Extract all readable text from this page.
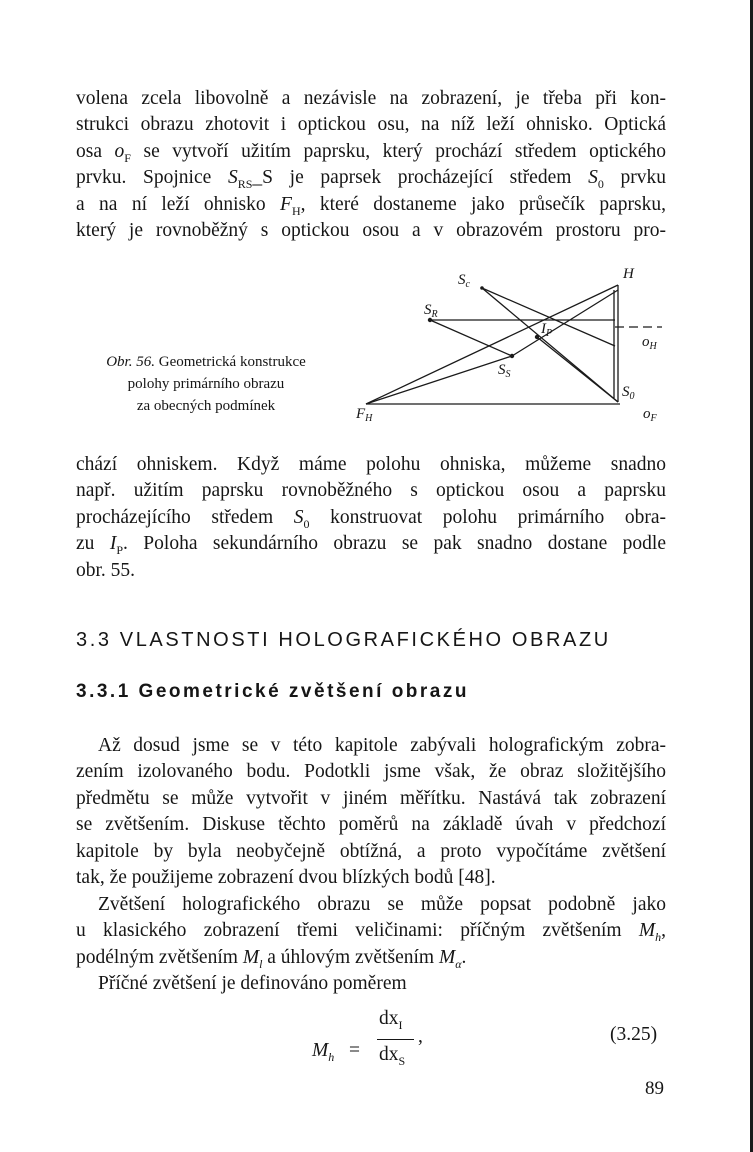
volena zcela libovolně a nezávisle na zobrazení, je třeba při kon-
strukci obrazu zhotovit i optickou osu, na níž leží ohnisko. Optická
osa $o_F$ se vytvoří užitím paprsku, který prochází středem optického
prvku. Spojnice $S_{RS}\_S$ je paprsek procházející středem $S_0$ prvku
a na ní leží ohnisko $F_H$, které dostaneme jako průsečík paprsku,
který je rovnoběžný s optickou osou a v obrazovém prostoru pro-
chází ohniskem. Když máme polohu ohniska, můžeme snadno
např. užitím paprsku rovnoběžného s optickou osou a paprsku
procházejícího středem $S_0$ konstruovat polohu primárního obra-
zu $I_P$. Poloha sekundárního obrazu se pak snadno dostane podle
obr. 55.
Až dosud jsme se v této kapitole zabývali holografickým zobra-
zením izolovaného bodu. Podotkli jsme však, že obraz složitějšího
předmětu se může vytvořit v jiném měřítku. Nastává tak zobrazení
se zvětšením. Diskuse těchto poměrů na základě úvah v předchozí
kapitole by byla neobyčejně obtížná, a proto vypočítáme zvětšení
tak, že použijeme zobrazení dvou blízkých bodů [48].
Zvětšení holografického obrazu se může popsat podobně jako
u klasického zobrazení třemi veličinami: příčným zvětšením $M_h$,
podélným zvětšením $M_l$ a úhlovým zvětšením $M_\alpha$.
Příčné zvětšení je definováno poměrem
Obr. 56. Geometrická konstrukce
polohy primárního obrazu
za obecných podmínek
$S_c$
$S_R$
$I_P$
$S_S$
H
$o_H$
$S_0$
$o_F$
$F_H$
3.3 VLASTNOSTI HOLOGRAFICKÉHO OBRAZU
3.3.1 Geometrické zvětšení obrazu
$M_h$ =
$dx_I$
$dx_S$
,	(3.25)
89
